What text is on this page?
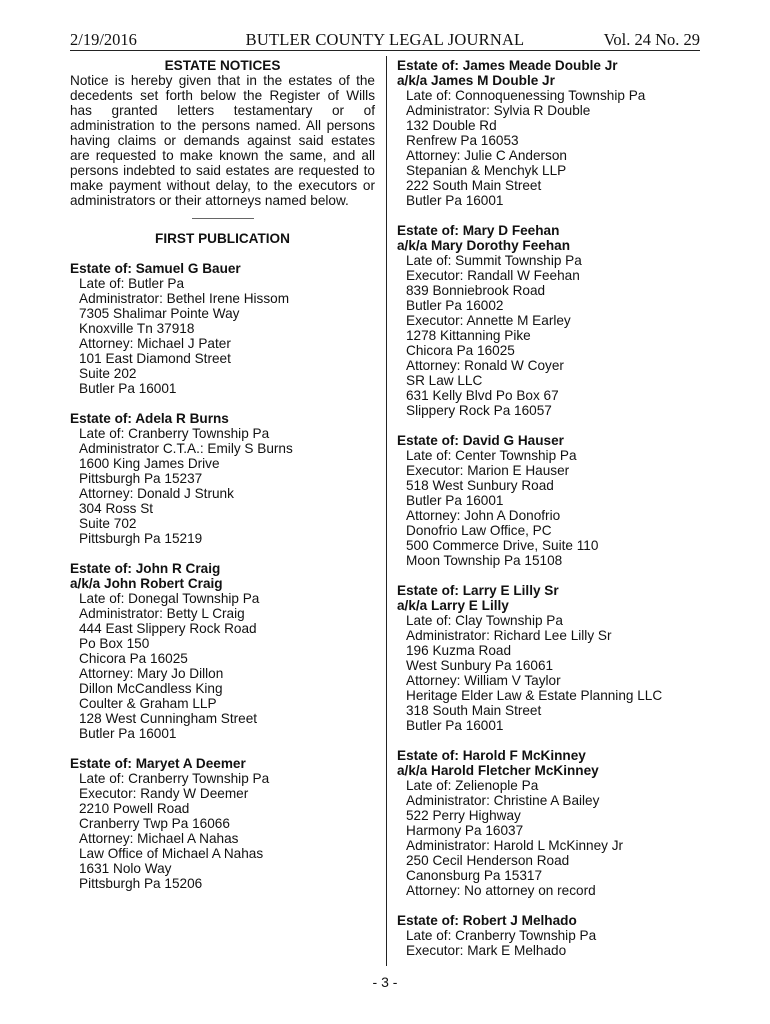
2/19/2016	BUTLER COUNTY LEGAL JOURNAL	Vol. 24 No. 29
ESTATE NOTICES
Notice is hereby given that in the estates of the decedents set forth below the Register of Wills has granted letters testamentary or of administration to the persons named. All persons having claims or demands against said estates are requested to make known the same, and all persons indebted to said estates are requested to make payment without delay, to the executors or administrators or their attorneys named below.
FIRST PUBLICATION
Estate of: Samuel G Bauer
Late of: Butler Pa
Administrator: Bethel Irene Hissom
7305 Shalimar Pointe Way
Knoxville Tn 37918
Attorney: Michael J Pater
101 East Diamond Street
Suite 202
Butler Pa 16001
Estate of: Adela R Burns
Late of: Cranberry Township Pa
Administrator C.T.A.: Emily S Burns
1600 King James Drive
Pittsburgh Pa 15237
Attorney: Donald J Strunk
304 Ross St
Suite 702
Pittsburgh Pa 15219
Estate of: John R Craig
a/k/a John Robert Craig
Late of: Donegal Township Pa
Administrator: Betty L Craig
444 East Slippery Rock Road
Po Box 150
Chicora Pa 16025
Attorney: Mary Jo Dillon
Dillon McCandless King
Coulter & Graham LLP
128 West Cunningham Street
Butler Pa 16001
Estate of: Maryet A Deemer
Late of: Cranberry Township Pa
Executor: Randy W Deemer
2210 Powell Road
Cranberry Twp Pa 16066
Attorney: Michael A Nahas
Law Office of Michael A Nahas
1631 Nolo Way
Pittsburgh Pa 15206
Estate of: James Meade Double Jr
a/k/a James M Double Jr
Late of: Connoquenessing Township Pa
Administrator: Sylvia R Double
132 Double Rd
Renfrew Pa 16053
Attorney: Julie C Anderson
Stepanian & Menchyk LLP
222 South Main Street
Butler Pa 16001
Estate of: Mary D Feehan
a/k/a Mary Dorothy Feehan
Late of: Summit Township Pa
Executor: Randall W Feehan
839 Bonniebrook Road
Butler Pa 16002
Executor: Annette M Earley
1278 Kittanning Pike
Chicora Pa 16025
Attorney: Ronald W Coyer
SR Law LLC
631 Kelly Blvd Po Box 67
Slippery Rock Pa 16057
Estate of: David G Hauser
Late of: Center Township Pa
Executor: Marion E Hauser
518 West Sunbury Road
Butler Pa 16001
Attorney: John A Donofrio
Donofrio Law Office, PC
500 Commerce Drive, Suite 110
Moon Township Pa 15108
Estate of: Larry E Lilly Sr
a/k/a Larry E Lilly
Late of: Clay Township Pa
Administrator: Richard Lee Lilly Sr
196 Kuzma Road
West Sunbury Pa 16061
Attorney: William V Taylor
Heritage Elder Law & Estate Planning LLC
318 South Main Street
Butler Pa 16001
Estate of: Harold F McKinney
a/k/a Harold Fletcher McKinney
Late of: Zelienople Pa
Administrator: Christine A Bailey
522 Perry Highway
Harmony Pa 16037
Administrator: Harold L McKinney Jr
250 Cecil Henderson Road
Canonsburg Pa 15317
Attorney: No attorney on record
Estate of: Robert J Melhado
Late of: Cranberry Township Pa
Executor: Mark E Melhado
- 3 -
